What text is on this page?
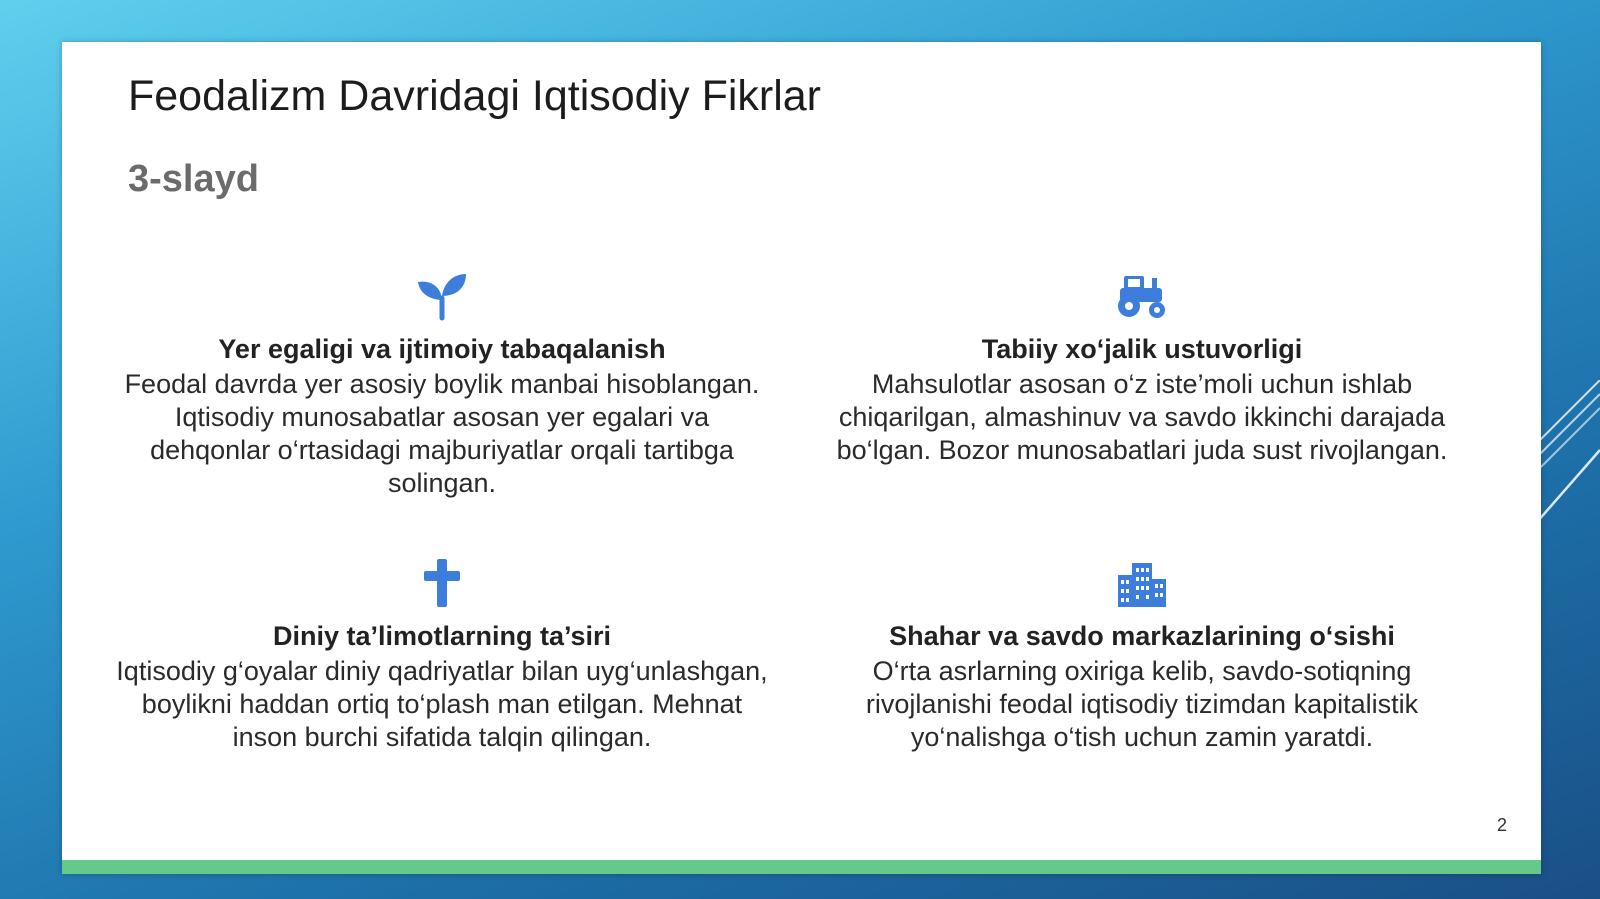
Feodalizm Davridagi Iqtisodiy Fikrlar
3-slayd

Yer egaligi va ijtimoiy tabaqalanish

Feodal davrda yer asosiy boylik manbai hisoblangan. Iqtisodiy munosabatlar asosan yer egalari va dehqonlar o‘rtasidagi majburiyatlar orqali tartibga solingan.

Tabiiy xo‘jalik ustuvorligi

Mahsulotlar asosan o‘z iste’moli uchun ishlab chiqarilgan, almashinuv va savdo ikkinchi darajada bo‘lgan. Bozor munosabatlari juda sust rivojlangan.

Diniy ta’limotlarning ta’siri

Iqtisodiy g‘oyalar diniy qadriyatlar bilan uyg‘unlashgan, boylikni haddan ortiq to‘plash man etilgan. Mehnat inson burchi sifatida talqin qilingan.

Shahar va savdo markazlarining o‘sishi

O‘rta asrlarning oxiriga kelib, savdo-sotiqning rivojlanishi feodal iqtisodiy tizimdan kapitalistik yo‘nalishga o‘tish uchun zamin yaratdi.

2
